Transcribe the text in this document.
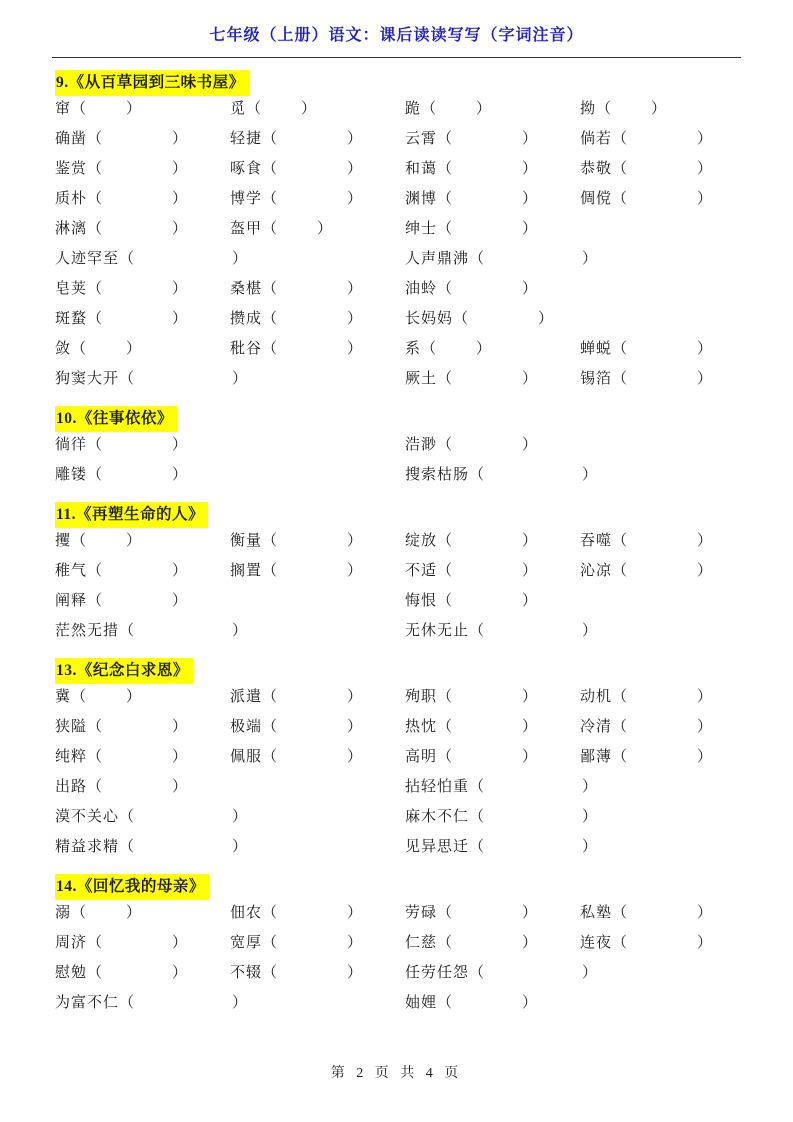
七年级（上册）语文：课后读读写写（字词注音）
9.《从百草园到三味书屋》
窜（	）	觅（	）	跪（	）	拗（	）
确凿（	）	轻捷（	）	云霄（	）	倘若（	）
鉴赏（	）	啄食（	）	和蔼（	）	恭敬（	）
质朴（	）	博学（	）	渊博（	）	倜傥（	）
淋漓（	）	盔甲（	）	绅士（	）
人迹罕至（	）	人声鼎沸（	）
皂荚（	）	桑椹（	）	油蛉（	）
斑蝥（	）	攒成（	）	长妈妈（	）
敛（	）	秕谷（	）	系（	）	蝉蜕（	）
狗窦大开（	）	厥土（	）	锡箔（	）
10.《往事依依》
徜徉（	）	浩渺（	）
雕镂（	）	搜索枯肠（	）
11.《再塑生命的人》
攫（	）	衡量（	）	绽放（	）	吞噬（	）
稚气（	）	搁置（	）	不适（	）	沁凉（	）
阐释（	）	悔恨（	）
茫然无措（	）	无休无止（	）
13.《纪念白求恩》
冀（	）	派遣（	）	殉职（	）	动机（	）
狭隘（	）	极端（	）	热忱（	）	冷清（	）
纯粹（	）	佩服（	）	高明（	）	鄙薄（	）
出路（	）	拈轻怕重（	）
漠不关心（	）	麻木不仁（	）
精益求精（	）	见异思迁（	）
14.《回忆我的母亲》
溺（	）	佃农（	）	劳碌（	）	私塾（	）
周济（	）	宽厚（	）	仁慈（	）	连夜（	）
慰勉（	）	不辍（	）	任劳任怨（	）
为富不仁（	）	妯娌（	）
第 2 页 共 4 页
